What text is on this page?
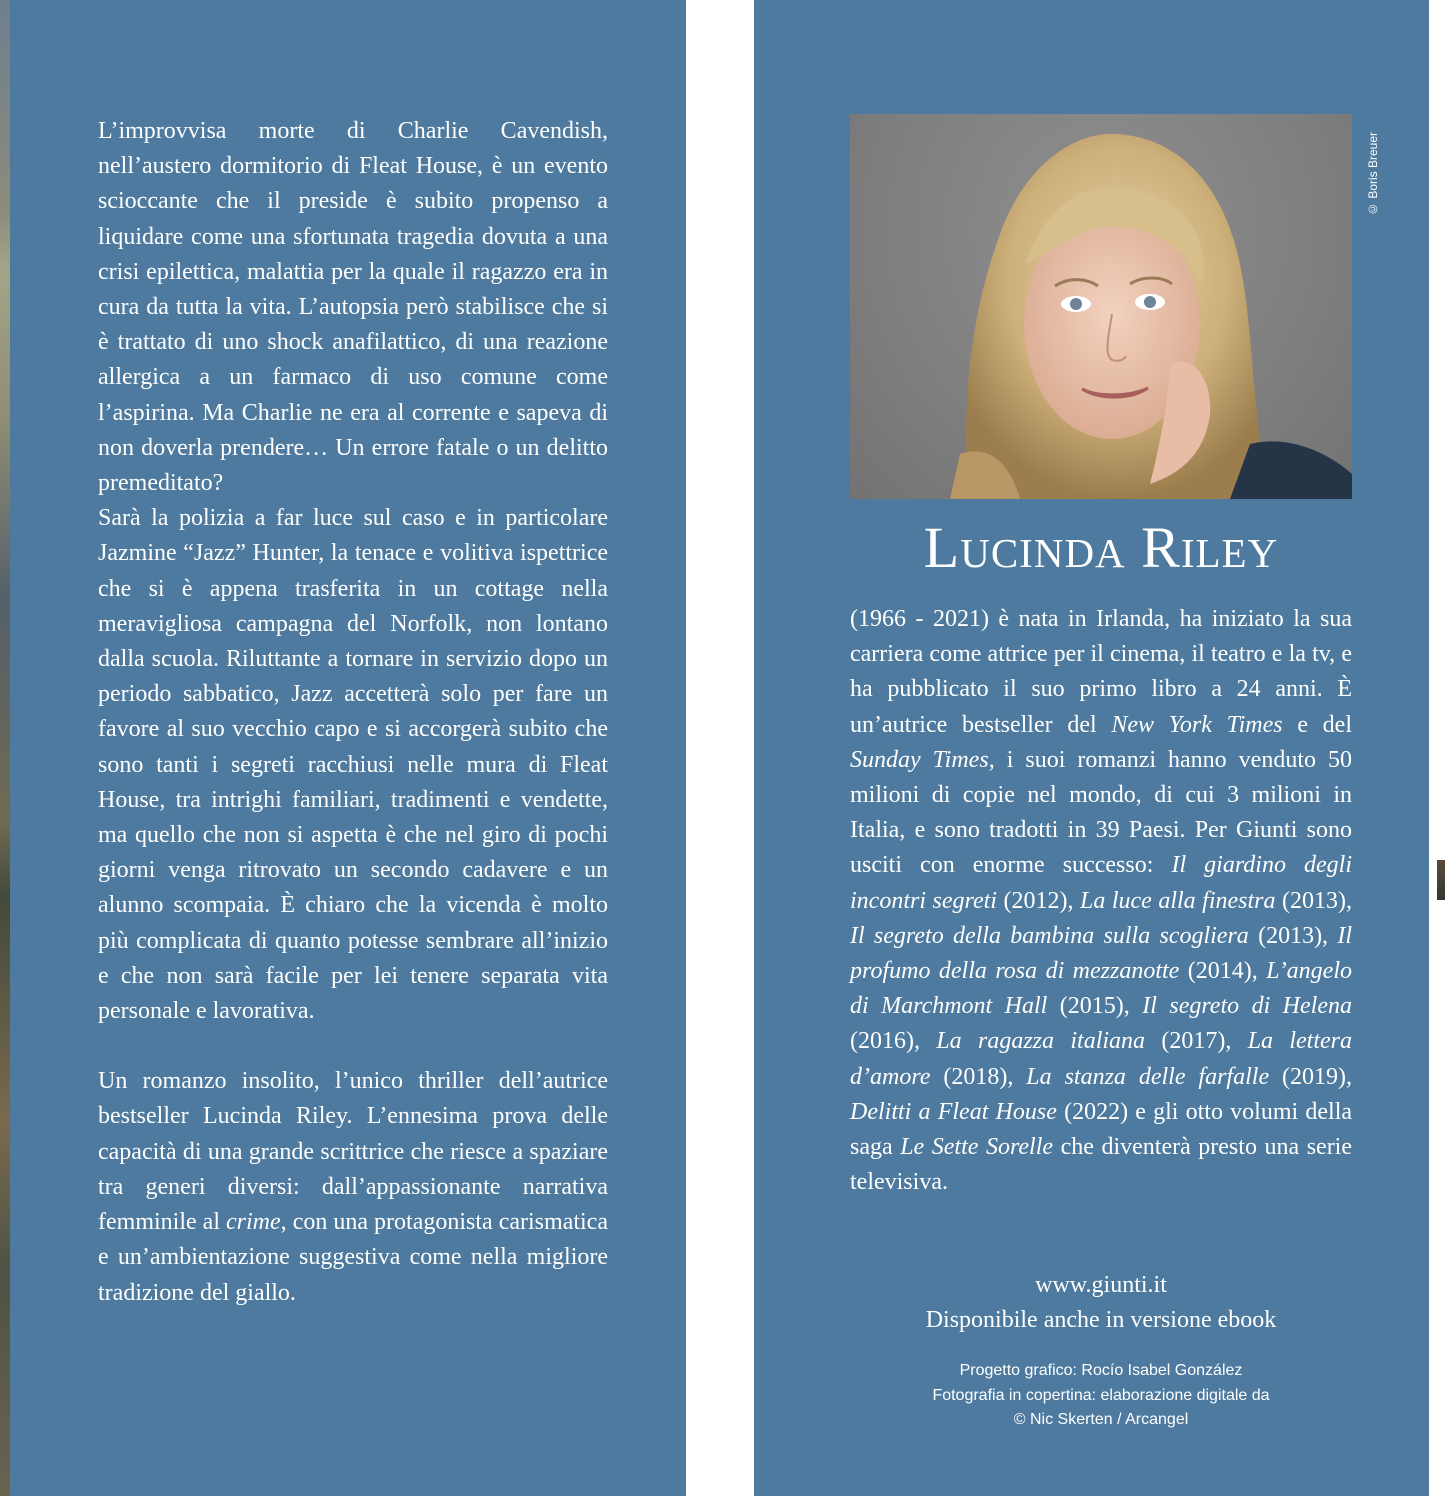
L’improvvisa morte di Charlie Cavendish, nell’austero dormitorio di Fleat House, è un evento scioccante che il preside è subito propenso a liquidare come una sfortunata tragedia dovuta a una crisi epilettica, malattia per la quale il ragazzo era in cura da tutta la vita. L’autopsia però stabilisce che si è trattato di uno shock anafilattico, di una reazione allergica a un farmaco di uso comune come l’aspirina. Ma Charlie ne era al corrente e sapeva di non doverla prendere… Un errore fatale o un delitto premeditato?

Sarà la polizia a far luce sul caso e in particolare Jazmine “Jazz” Hunter, la tenace e volitiva ispettrice che si è appena trasferita in un cottage nella meravigliosa campagna del Norfolk, non lontano dalla scuola. Riluttante a tornare in servizio dopo un periodo sabbatico, Jazz accetterà solo per fare un favore al suo vecchio capo e si accorgerà subito che sono tanti i segreti racchiusi nelle mura di Fleat House, tra intrighi familiari, tradimenti e vendette, ma quello che non si aspetta è che nel giro di pochi giorni venga ritrovato un secondo cadavere e un alunno scompaia. È chiaro che la vicenda è molto più complicata di quanto potesse sembrare all’inizio e che non sarà facile per lei tenere separata vita personale e lavorativa.

Un romanzo insolito, l’unico thriller dell’autrice bestseller Lucinda Riley. L’ennesima prova delle capacità di una grande scrittrice che riesce a spaziare tra generi diversi: dall’appassionante narrativa femminile al crime, con una protagonista carismatica e un’ambientazione suggestiva come nella migliore tradizione del giallo.

© Boris Breuer
Lucinda Riley

(1966 - 2021) è nata in Irlanda, ha iniziato la sua carriera come attrice per il cinema, il teatro e la tv, e ha pubblicato il suo primo libro a 24 anni. È un’autrice bestseller del New York Times e del Sunday Times, i suoi romanzi hanno venduto 50 milioni di copie nel mondo, di cui 3 milioni in Italia, e sono tradotti in 39 Paesi. Per Giunti sono usciti con enorme successo: Il giardino degli incontri segreti (2012), La luce alla finestra (2013), Il segreto della bambina sulla scogliera (2013), Il profumo della rosa di mezzanotte (2014), L’angelo di Marchmont Hall (2015), Il segreto di Helena (2016), La ragazza italiana (2017), La lettera d’amore (2018), La stanza delle farfalle (2019), Delitti a Fleat House (2022) e gli otto volumi della saga Le Sette Sorelle che diventerà presto una serie televisiva.

www.giunti.it
Disponibile anche in versione ebook
Progetto grafico: Rocío Isabel González
Fotografia in copertina: elaborazione digitale da
© Nic Skerten / Arcangel
